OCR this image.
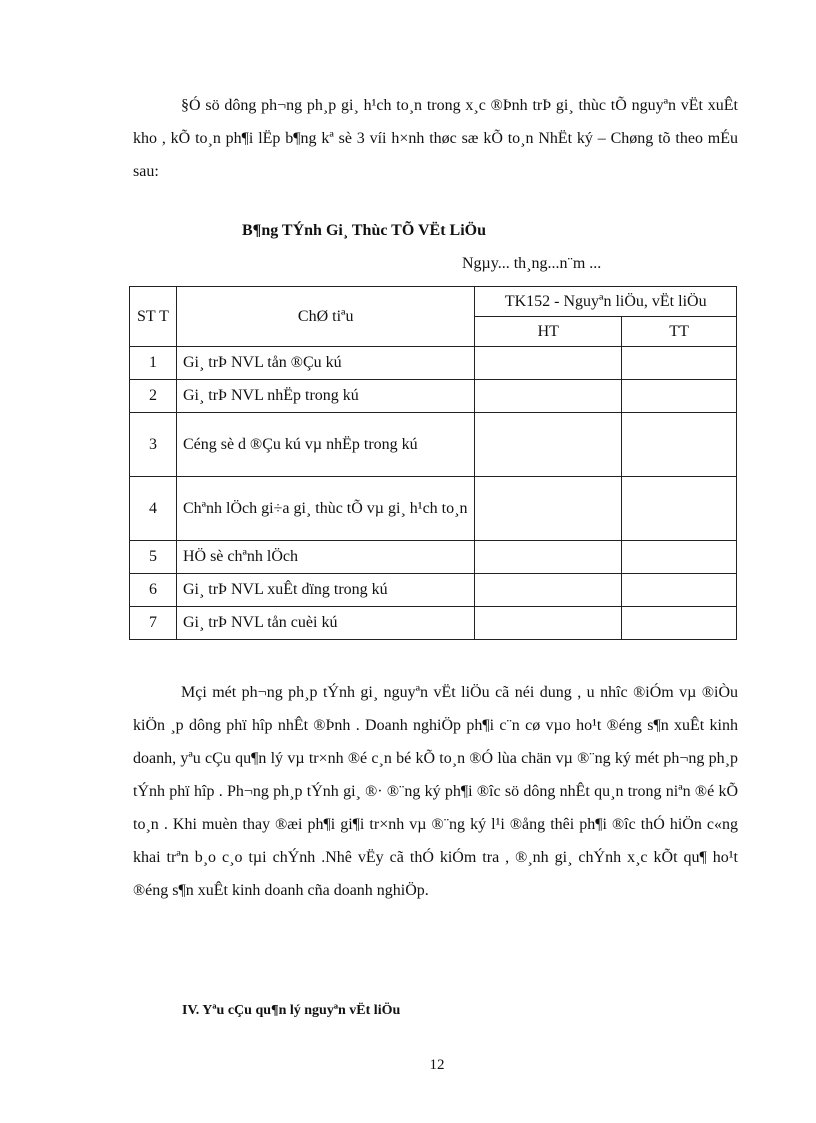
§Ó sö dông ph¬ng ph¸p gi¸ h¹ch to¸n trong x¸c ®Þnh trÞ gi¸ thùc tÕ nguyªn vËt xuÊt kho , kÕ to¸n ph¶i lËp b¶ng kª sè 3 víi h×nh thøc sæ kÕ to¸n NhËt ký – Chøng tõ theo mÉu sau:

B¶ng TÝnh Gi¸ Thùc TÕ VËt LiÖu

Ngµy... th¸ng...n¨m ...

ST T	ChØ tiªu	TK152 - Nguyªn liÖu, vËt liÖu	
		HT	TT
1	Gi¸ trÞ NVL tån ®Çu kú		
2	Gi¸ trÞ NVL nhËp trong kú		
3	Céng sè d ®Çu kú vµ nhËp trong kú		
4	Chªnh lÖch gi÷a gi¸ thùc tÕ vµ gi¸ h¹ch to¸n		
5	HÖ sè chªnh lÖch		
6	Gi¸ trÞ NVL xuÊt dïng trong kú		
7	Gi¸ trÞ NVL tån cuèi kú		

Mçi mét ph¬ng ph¸p tÝnh gi¸ nguyªn vËt liÖu cã néi dung , u nhîc ®iÓm vµ ®iÒu kiÖn ¸p dông phï hîp nhÊt ®Þnh . Doanh nghiÖp ph¶i c¨n cø vµo ho¹t ®éng s¶n xuÊt kinh doanh, yªu cÇu qu¶n lý vµ tr×nh ®é c¸n bé kÕ to¸n ®Ó lùa chän vµ ®¨ng ký mét ph¬ng ph¸p tÝnh phï hîp . Ph¬ng ph¸p tÝnh gi¸ ®· ®¨ng ký ph¶i ®îc sö dông nhÊt qu¸n trong niªn ®é kÕ to¸n . Khi muèn thay ®æi ph¶i gi¶i tr×nh vµ ®¨ng ký l¹i ®ång thêi ph¶i ®îc thÓ hiÖn c«ng khai trªn b¸o c¸o tµi chÝnh .Nhê vËy cã thÓ kiÓm tra , ®¸nh gi¸ chÝnh x¸c kÕt qu¶ ho¹t ®éng s¶n xuÊt kinh doanh cña doanh nghiÖp.

IV. Yªu cÇu qu¶n lý nguyªn vËt liÖu

12
